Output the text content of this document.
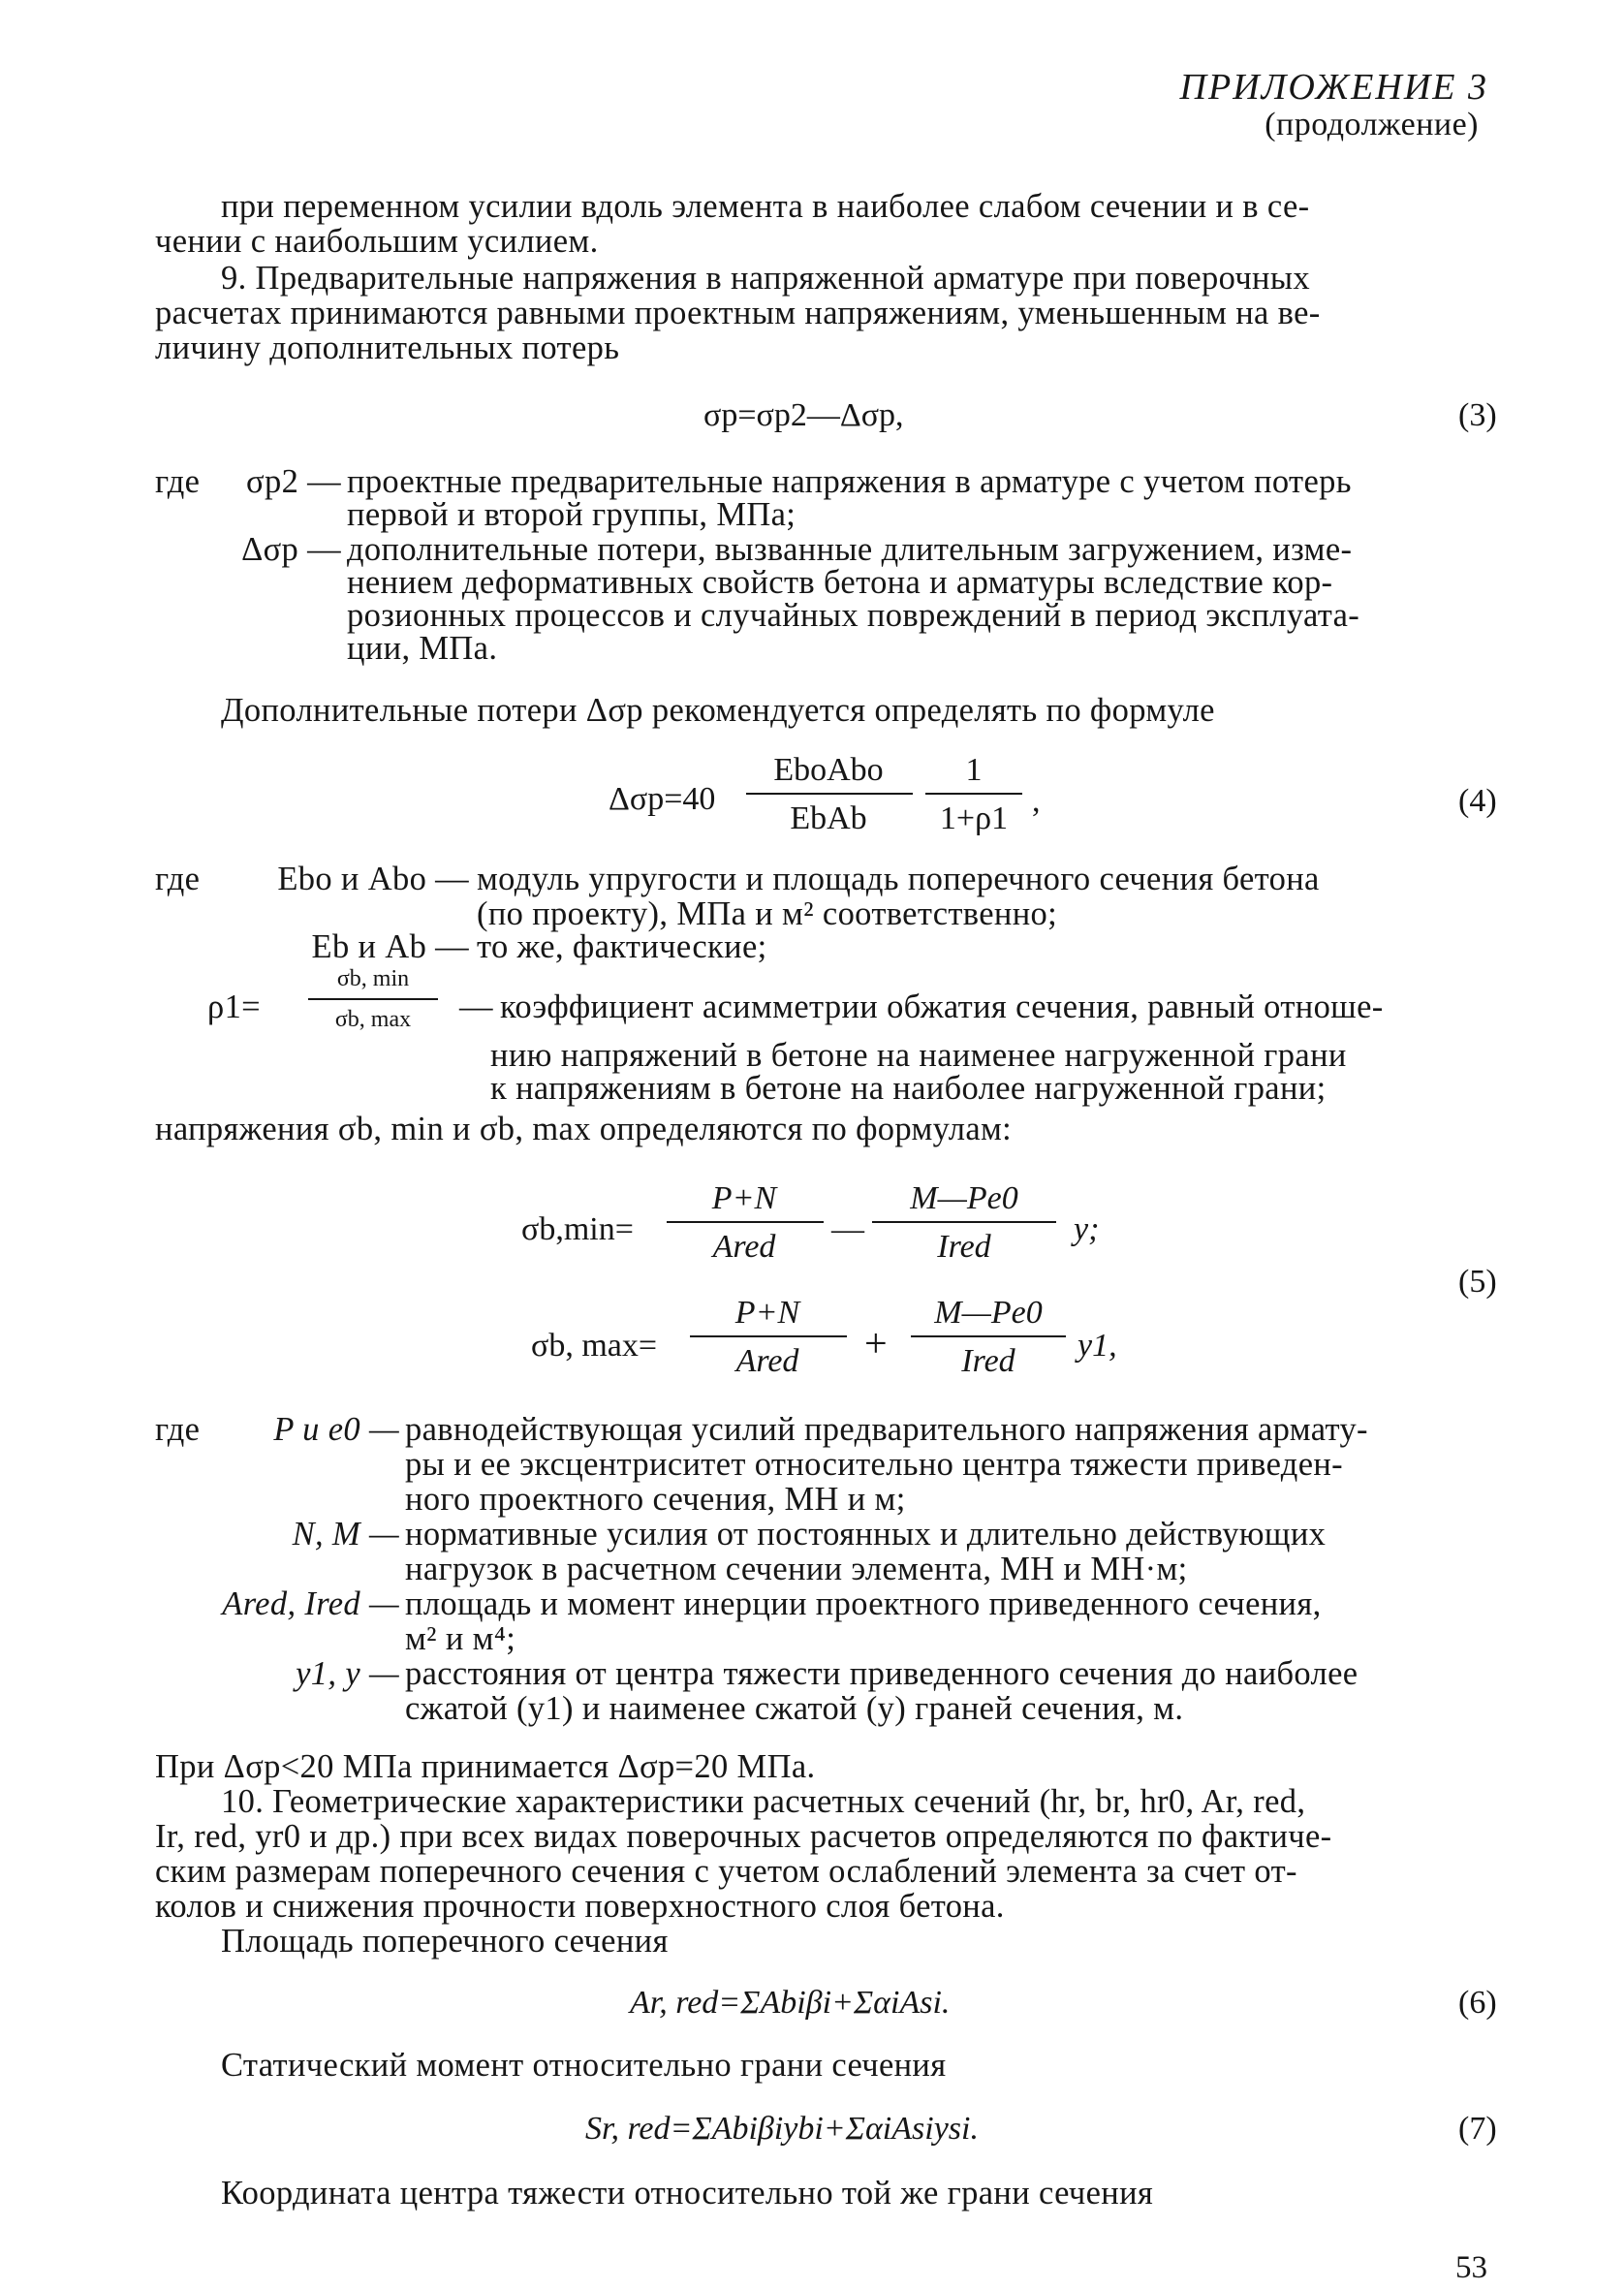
ПРИЛОЖЕНИЕ 3
(продолжение)
при переменном усилии вдоль элемента в наиболее слабом сечении и в се-
чении с наибольшим усилием.
9. Предварительные напряжения в напряженной арматуре при поверочных
расчетах принимаются равными проектным напряжениям, уменьшенным на ве-
личину дополнительных потерь
σp=σp2—Δσp,	(3)
где σp2 — проектные предварительные напряжения в арматуре с учетом потерь
первой и второй группы, МПа;
Δσp — дополнительные потери, вызванные длительным загружением, изме-
нением деформативных свойств бетона и арматуры вследствие кор-
розионных процессов и случайных повреждений в период эксплуата-
ции, МПа.
Дополнительные потери Δσp рекомендуется определять по формуле
Δσp=40
EboAbo
EbAb
1
1+ρ1 ,	(4)
где Ebo и Abo — модуль упругости и площадь поперечного сечения бетона
(по проекту), МПа и м² соответственно;
Eb и Ab — то же, фактические;
ρ1=
σb, min
σb, max	— коэффициент асимметрии обжатия сечения, равный отноше-
нию напряжений в бетоне на наименее нагруженной грани
к напряжениям в бетоне на наиболее нагруженной грани;
напряжения σb, min и σb, max определяются по формулам:
σb,min=
P+N
Ared	—
M—Pe0
Ired	y;
σb, max=
P+N
Ared	+
M—Pe0
Ired	y1,
(5)
где P и e0 — равнодействующая усилий предварительного напряжения армату-
ры и ее эксцентриситет относительно центра тяжести приведен-
ного проектного сечения, МН и м;
N, M — нормативные усилия от постоянных и длительно действующих
нагрузок в расчетном сечении элемента, МН и МН·м;
Ared, Ired — площадь и момент инерции проектного приведенного сечения,
м² и м⁴;
y1, y — расстояния от центра тяжести приведенного сечения до наиболее
сжатой (y1) и наименее сжатой (y) граней сечения, м.
При Δσp<20 МПа принимается Δσp=20 МПа.
10. Геометрические характеристики расчетных сечений (hr, br, hr0, Ar, red,
Ir, red, yr0 и др.) при всех видах поверочных расчетов определяются по фактиче-
ским размерам поперечного сечения с учетом ослаблений элемента за счет от-
колов и снижения прочности поверхностного слоя бетона.
Площадь поперечного сечения
Ar, red=ΣAbiβi+ΣαiAsi.	(6)
Статический момент относительно грани сечения
Sr, red=ΣAbiβiybi+ΣαiAsiysi.	(7)
Координата центра тяжести относительно той же грани сечения
53
